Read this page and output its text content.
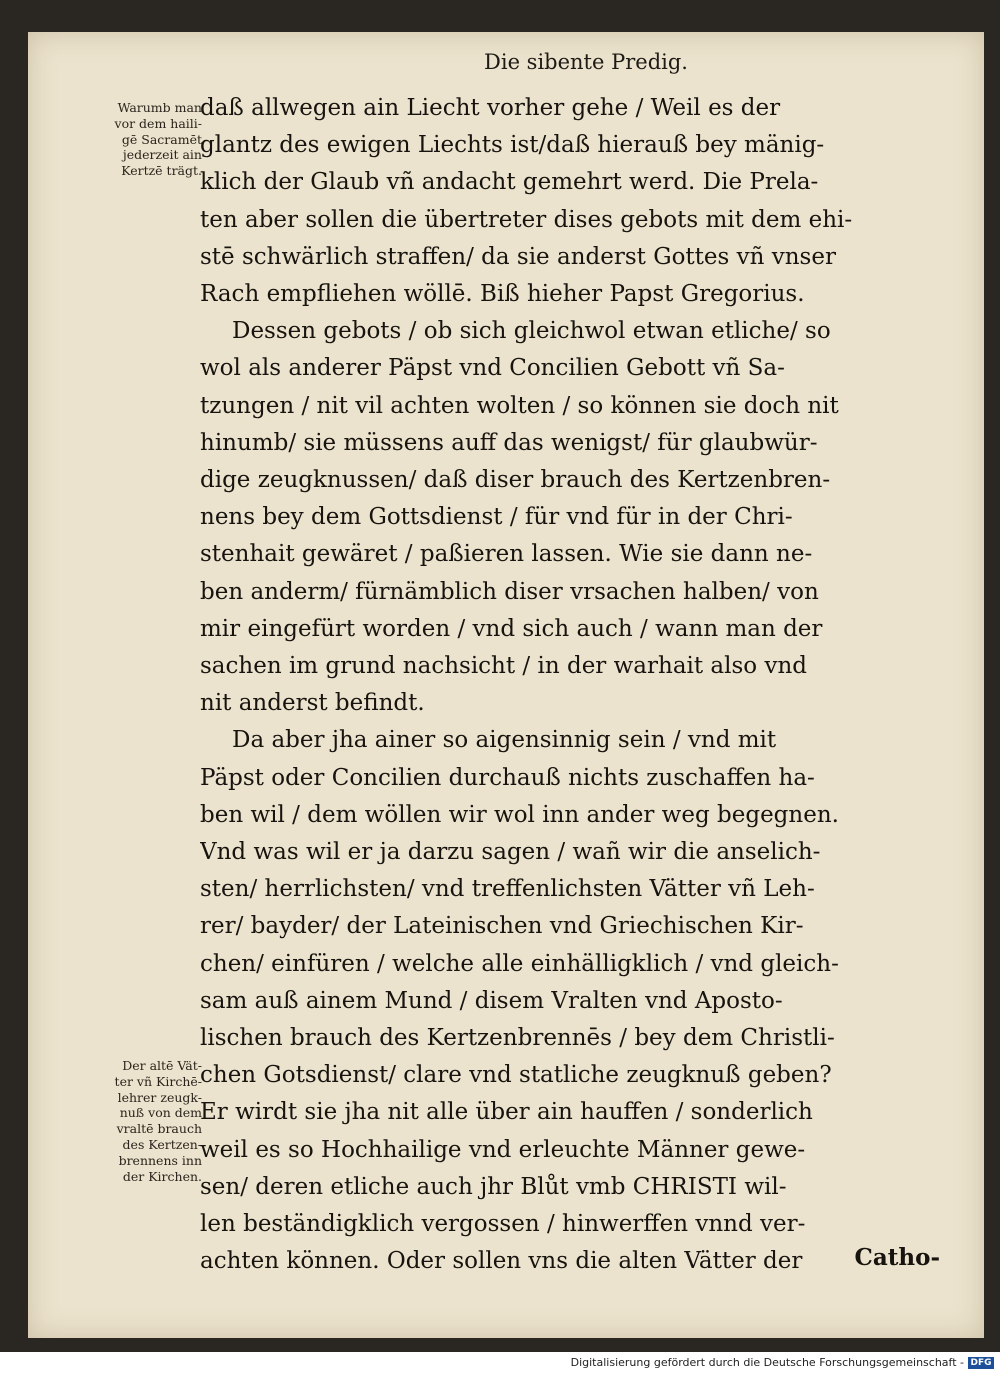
Die sibente Predig.
Warumb man
vor dem haili-
gē Sacramēt
jederzeit ain
Kertzē trägt.
Der altē Vät-
ter vñ Kirchē-
lehrer zeugk-
nuß von dem
vraltē brauch
des Kertzen-
brennens inn
der Kirchen.
daß allwegen ain Liecht vorher gehe / Weil es der
glantz des ewigen Liechts ist/daß hierauß bey mänig-
klich der Glaub vñ andacht gemehrt werd. Die Prela-
ten aber sollen die übertreter dises gebots mit dem ehi-
stē schwärlich straffen/ da sie anderst Gottes vñ vnser
Rach empfliehen wöllē. Biß hieher Papst Gregorius.
Dessen gebots / ob sich gleichwol etwan etliche/ so
wol als anderer Päpst vnd Concilien Gebott vñ Sa-
tzungen / nit vil achten wolten / so können sie doch nit
hinumb/ sie müssens auff das wenigst/ für glaubwür-
dige zeugknussen/ daß diser brauch des Kertzenbren-
nens bey dem Gottsdienst / für vnd für in der Chri-
stenhait gewäret / paßieren lassen. Wie sie dann ne-
ben anderm/ fürnämblich diser vrsachen halben/ von
mir eingefürt worden / vnd sich auch / wann man der
sachen im grund nachsicht / in der warhait also vnd
nit anderst befindt.
Da aber jha ainer so aigensinnig sein / vnd mit
Päpst oder Concilien durchauß nichts zuschaffen ha-
ben wil / dem wöllen wir wol inn ander weg begegnen.
Vnd was wil er ja darzu sagen / wañ wir die anselich-
sten/ herrlichsten/ vnd treffenlichsten Vätter vñ Leh-
rer/ bayder/ der Lateinischen vnd Griechischen Kir-
chen/ einfüren / welche alle einhälligklich / vnd gleich-
sam auß ainem Mund / disem Vralten vnd Aposto-
lischen brauch des Kertzenbrennēs / bey dem Christli-
chen Gotsdienst/ clare vnd statliche zeugknuß geben?
Er wirdt sie jha nit alle über ain hauffen / sonderlich
weil es so Hochhailige vnd erleuchte Männer gewe-
sen/ deren etliche auch jhr Blůt vmb CHRISTI wil-
len beständigklich vergossen / hinwerffen vnnd ver-
achten können. Oder sollen vns die alten Vätter der	Catho-
Digitalisierung gefördert durch die Deutsche Forschungsgemeinschaft - DFG
